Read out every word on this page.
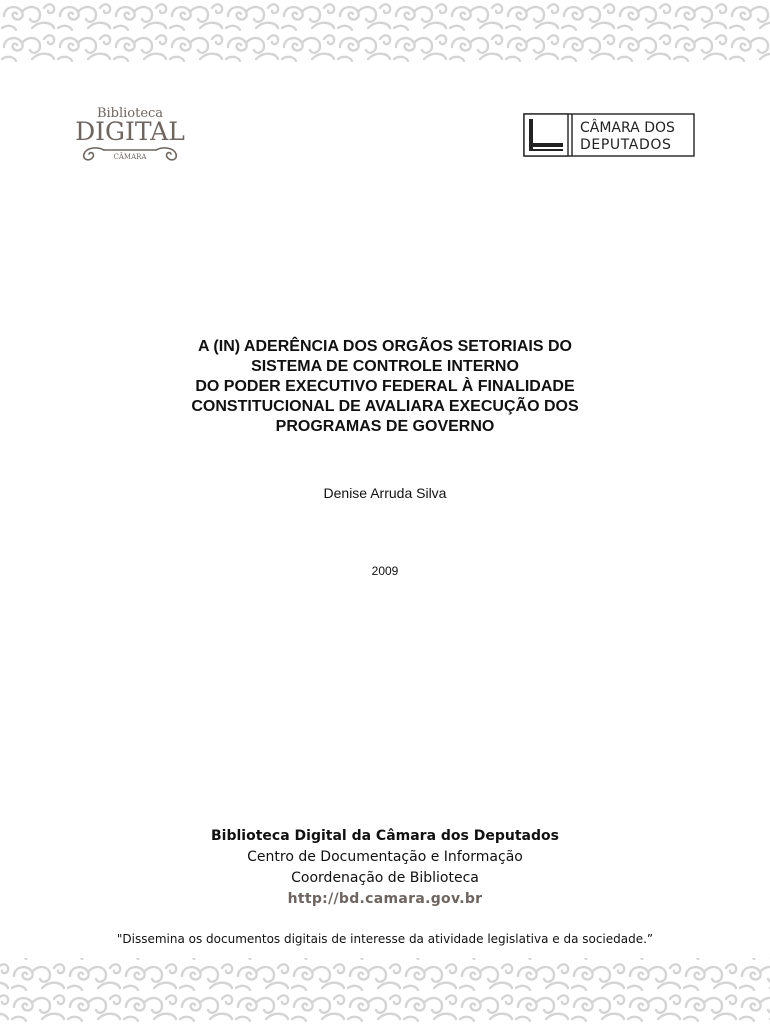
Biblioteca
DIGITAL
CÂMARA
CÂMARA DOS
DEPUTADOS
A (IN) ADERÊNCIA DOS ORGÃOS SETORIAIS DO
SISTEMA DE CONTROLE INTERNO
DO PODER EXECUTIVO FEDERAL À FINALIDADE
CONSTITUCIONAL DE AVALIARA EXECUÇÃO DOS
PROGRAMAS DE GOVERNO
Denise Arruda Silva
2009
Biblioteca Digital da Câmara dos Deputados
Centro de Documentação e Informação
Coordenação de Biblioteca
http://bd.camara.gov.br
"Dissemina os documentos digitais de interesse da atividade legislativa e da sociedade.”
